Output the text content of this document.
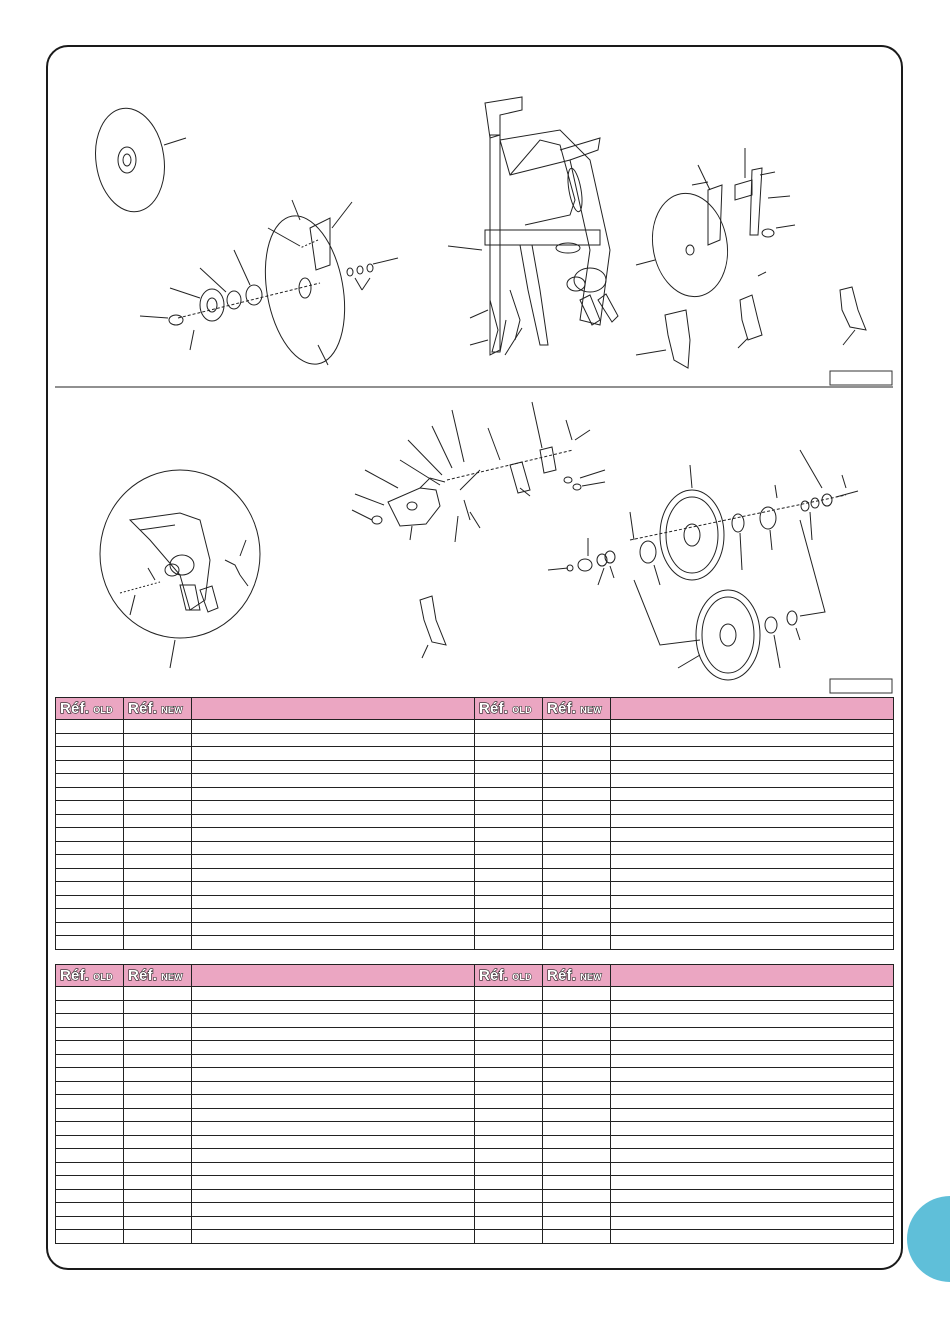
Réf. OLD	Réf. NEW		Réf. OLD	Réf. NEW	

Réf. OLD	Réf. NEW		Réf. OLD	Réf. NEW	
